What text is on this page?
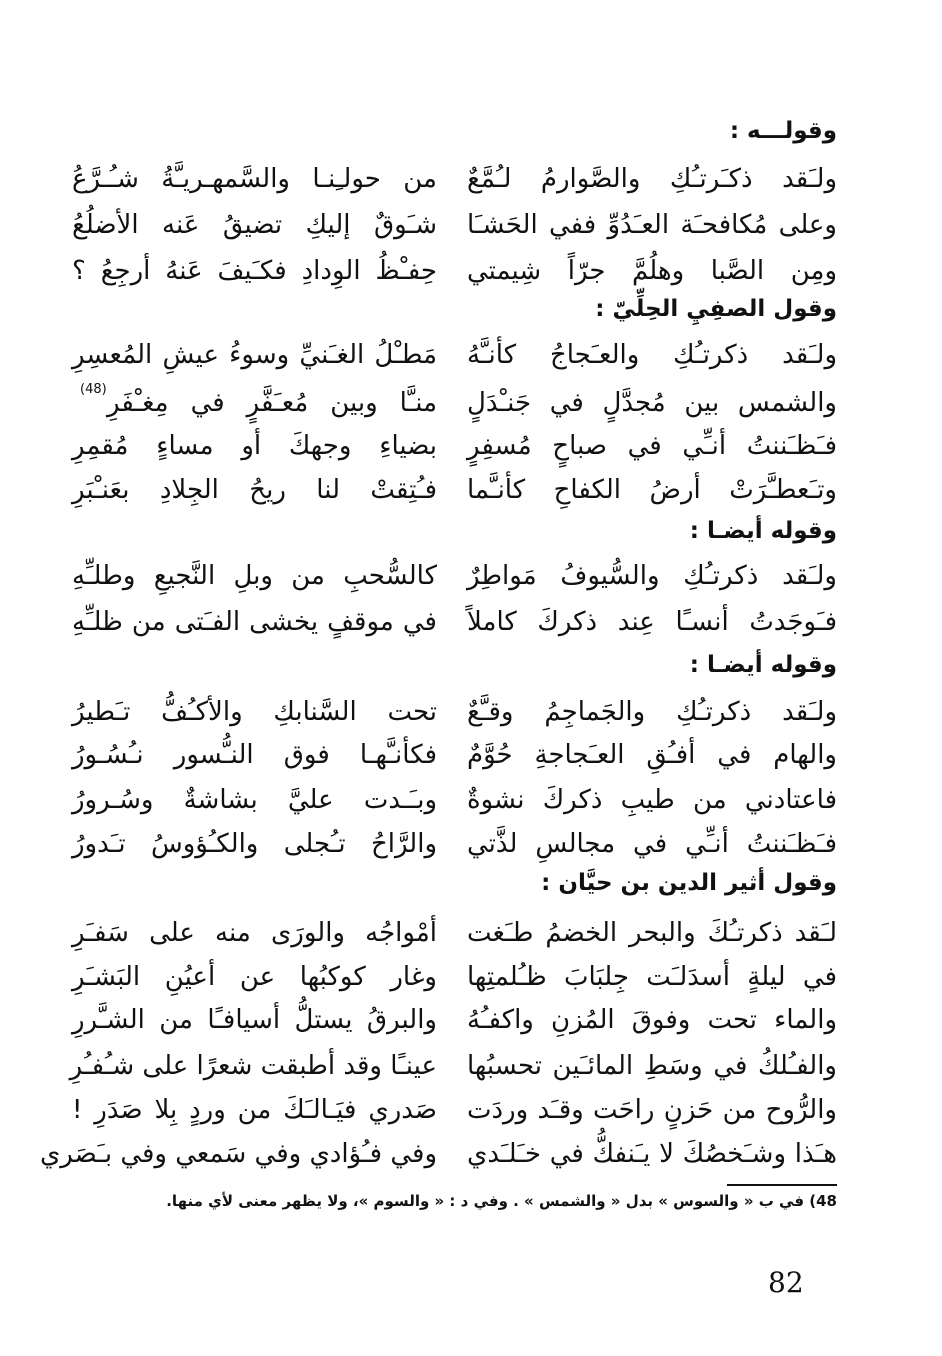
وقولـــه :
ولـَقد ذكـَرتـُكِ والصَّوارمُ لـُمَّعٌ
من حولـِنـا والسَّمهـريـَّةُ شـُـرَّعُ
وعلى مُكافحـَة العـَدُوِّ ففي الحَشـَا
شـَوقٌ إليكِ تضيقُ عَنه الأضلُعُ
ومِن الصَّبا وهلُمَّ جرّاً شِيمتي
حِفـْظُ الوِدادِ فكـَيفَ عَنهُ أرجِعُ ؟
وقول الصفِيِ الحِلِّيّ :
ولـَقد ذكرتـُكِ والعـَجاجُ كأنـَّهُ
مَطـْلُ الغـَنيِّ وسوءُ عيشِ المُعسِرِ
والشمس بين مُجدَّلٍ في جَنـْدَلٍ
منـَّا وبين مُعـَفَّرٍ في مِغـْفَرِ
(48)
فـَظـَننتُ أنـِّي في صباحٍ مُسفِرٍ
بضياءِ وجهكَ أو مساءٍ مُقمِرِ
وتـَعطـَّرَتْ أرضُ الكفاحِ كأنـَّما
فـُتِقتْ لنا ريحُ الجِلادِ بعَنـْبَرِ
وقوله أيضـا :
ولـَقد ذكرتـُكِ والسُّيوفُ مَواطِرٌ
كالسُّحبِ من وبلِ النَّجيعِ وطلـِّهِ
فـَوجَدتُ أنسـًا عِند ذكركَ كاملاً
في موقفٍ يخشى الفـَتى من ظلـِّهِ
وقوله أيضـا :
ولـَقد ذكرتـُكِ والجَماجِمُ وقـَّعٌ
تحت السَّنابكِ والأكـُفُّ تـَطيرُ
والهام في أفـُقِ العـَجاجةِ حُوَّمٌ
فكأنـَّهـا فوق النـُّسور نـُسُـورُ
فاعتادني من طيبِ ذكركَ نشوةٌ
وبـَـدت عليَّ بشاشةٌ وسُـرورُ
فـَظـَننتُ أنـِّي في مجالسِ لذَّتي
والرَّاحُ تـُجلى والكـُؤوسُ تـَدورُ
وقول أثير الدين بن حيَّان :
لـَقد ذكرتـُكَ والبحر الخضمُ طـَغت
أمْواجُه والورَى منه على سَفـَرِ
في ليلةٍ أسدَلـَت جِلبَابَ ظـُلمتِها
وغار كوكبُها عن أعيُنِ البَشـَرِ
والماء تحت وفوقَ المُزنِ واكفـُهُ
والبرقُ يستلُّ أسيافـًا من الشـَّررِ
والفـُلكُ في وسَطِ المائـَين تحسبُها
عينـًا وقد أطبقت شعرًا على شـُفـُرِ
والرُّوح من حَزنٍ راحَت وقـَد وردَت
صَدري فيَـالـَكَ من وردٍ بِلا صَدَرِ !
هـَذا وشـَخصُكَ لا يـَنفكُّ في خـَلـَدي
وفي فـُؤادي وفي سَمعي وفي بـَصَري
48) في ب « والسوس » بدل « والشمس » . وفي د : « والسوم »، ولا يظهر معنى لأي منها.
82
